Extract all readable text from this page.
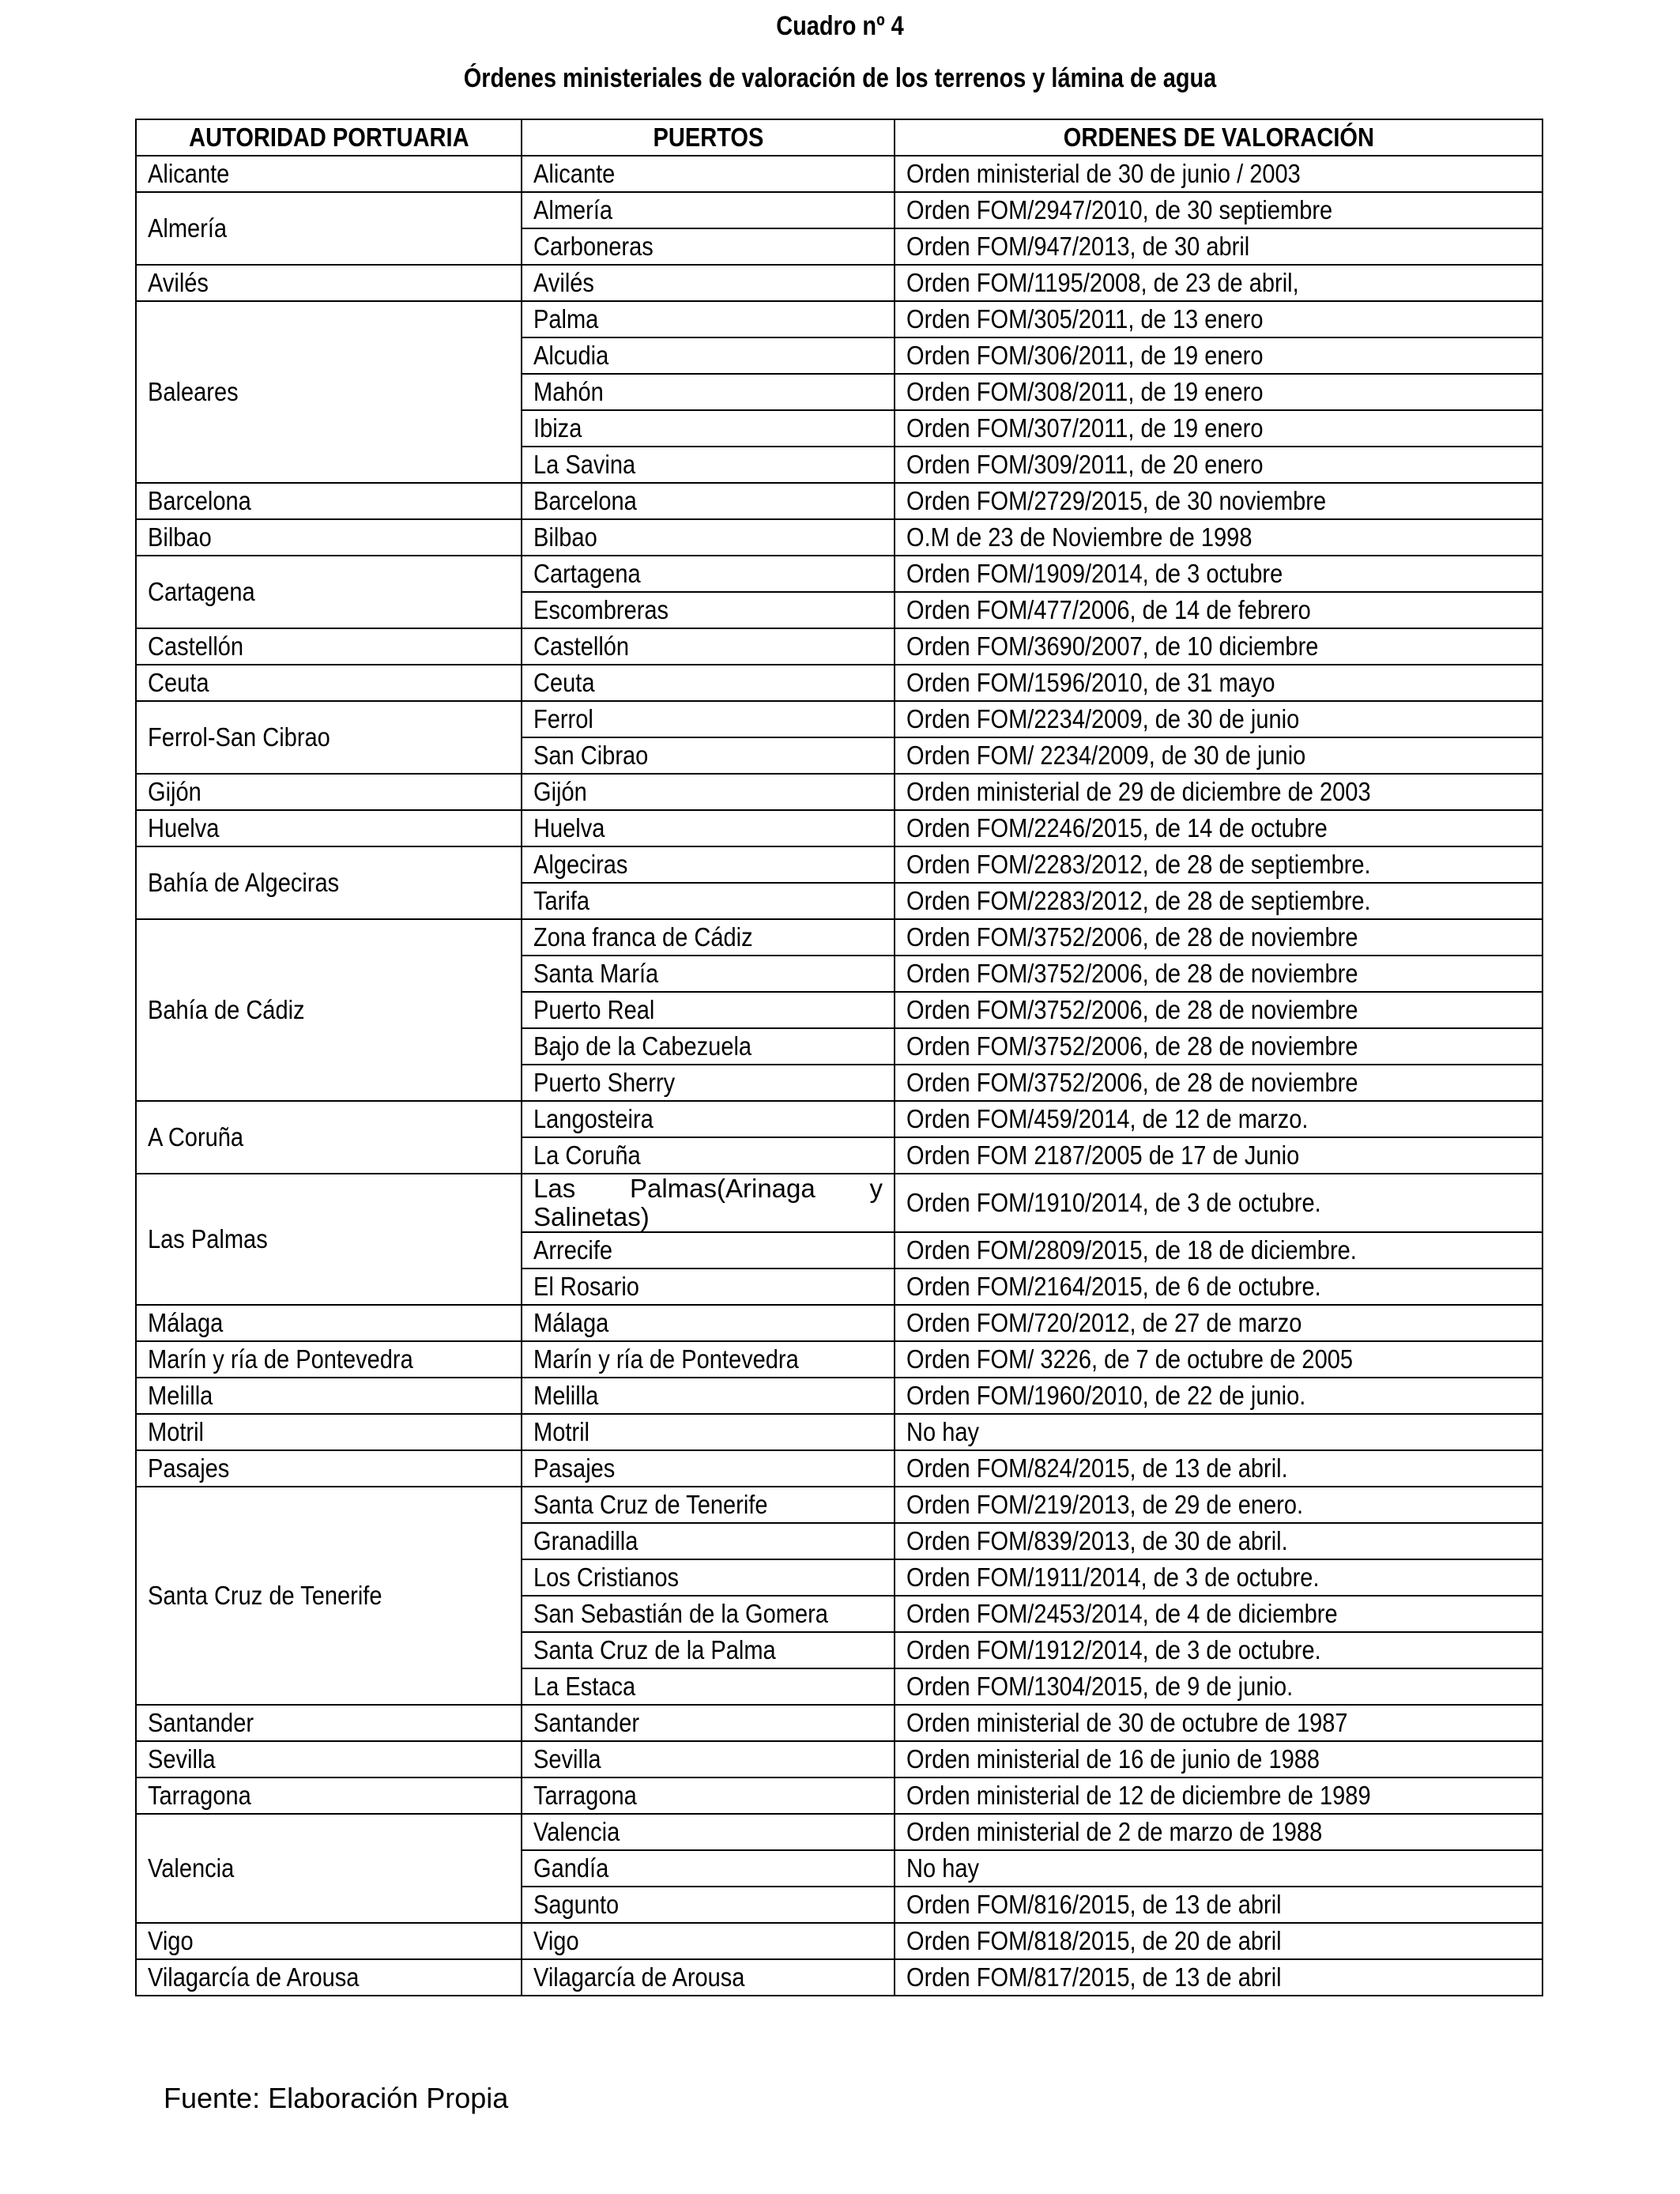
Cuadro nº 4
Órdenes ministeriales de valoración de los terrenos y lámina de agua
AUTORIDAD PORTUARIA	PUERTOS	ORDENES DE VALORACIÓN
Alicante	Alicante	Orden ministerial de 30 de junio / 2003
Almería	Almería	Orden FOM/2947/2010, de 30 septiembre
	Carboneras	Orden FOM/947/2013, de 30 abril
Avilés	Avilés	Orden FOM/1195/2008, de 23 de abril,
Baleares	Palma	Orden FOM/305/2011, de 13 enero
	Alcudia	Orden FOM/306/2011, de 19 enero
	Mahón	Orden FOM/308/2011, de 19 enero
	Ibiza	Orden FOM/307/2011, de 19 enero
	La Savina	Orden FOM/309/2011, de 20 enero
Barcelona	Barcelona	Orden FOM/2729/2015, de 30 noviembre
Bilbao	Bilbao	O.M de 23 de Noviembre de 1998
Cartagena	Cartagena	Orden FOM/1909/2014, de 3 octubre
	Escombreras	Orden FOM/477/2006, de 14 de febrero
Castellón	Castellón	Orden FOM/3690/2007, de 10 diciembre
Ceuta	Ceuta	Orden FOM/1596/2010, de 31 mayo
Ferrol-San Cibrao	Ferrol	Orden FOM/2234/2009, de 30 de junio
	San Cibrao	Orden FOM/ 2234/2009, de 30 de junio
Gijón	Gijón	Orden ministerial de 29 de diciembre de 2003
Huelva	Huelva	Orden FOM/2246/2015, de 14 de octubre
Bahía de Algeciras	Algeciras	Orden FOM/2283/2012, de 28 de septiembre.
	Tarifa	Orden FOM/2283/2012, de 28 de septiembre.
Bahía de Cádiz	Zona franca de Cádiz	Orden FOM/3752/2006, de 28 de noviembre
	Santa María	Orden FOM/3752/2006, de 28 de noviembre
	Puerto Real	Orden FOM/3752/2006, de 28 de noviembre
	Bajo de la Cabezuela	Orden FOM/3752/2006, de 28 de noviembre
	Puerto Sherry	Orden FOM/3752/2006, de 28 de noviembre
A Coruña	Langosteira	Orden FOM/459/2014, de 12 de marzo.
	La Coruña	Orden FOM 2187/2005 de 17 de Junio
Las Palmas	Las Palmas(Arinaga y Salinetas)	Orden FOM/1910/2014, de 3 de octubre.
	Arrecife	Orden FOM/2809/2015, de 18 de diciembre.
	El Rosario	Orden FOM/2164/2015, de 6 de octubre.
Málaga	Málaga	Orden FOM/720/2012, de 27 de marzo
Marín y ría de Pontevedra	Marín y ría de Pontevedra	Orden FOM/ 3226, de 7 de octubre de 2005
Melilla	Melilla	Orden FOM/1960/2010, de 22 de junio.
Motril	Motril	No hay
Pasajes	Pasajes	Orden FOM/824/2015, de 13 de abril.
Santa Cruz de Tenerife	Santa Cruz de Tenerife	Orden FOM/219/2013, de 29 de enero.
	Granadilla	Orden FOM/839/2013, de 30 de abril.
	Los Cristianos	Orden FOM/1911/2014, de 3 de octubre.
	San Sebastián de la Gomera	Orden FOM/2453/2014, de 4 de diciembre
	Santa Cruz de la Palma	Orden FOM/1912/2014, de 3 de octubre.
	La Estaca	Orden FOM/1304/2015, de 9 de junio.
Santander	Santander	Orden ministerial de 30 de octubre de 1987
Sevilla	Sevilla	Orden ministerial de 16 de junio de 1988
Tarragona	Tarragona	Orden ministerial de 12 de diciembre de 1989
Valencia	Valencia	Orden ministerial de 2 de marzo de 1988
	Gandía	No hay
	Sagunto	Orden FOM/816/2015, de 13 de abril
Vigo	Vigo	Orden FOM/818/2015, de 20 de abril
Vilagarcía de Arousa	Vilagarcía de Arousa	Orden FOM/817/2015, de 13 de abril
Fuente: Elaboración Propia
